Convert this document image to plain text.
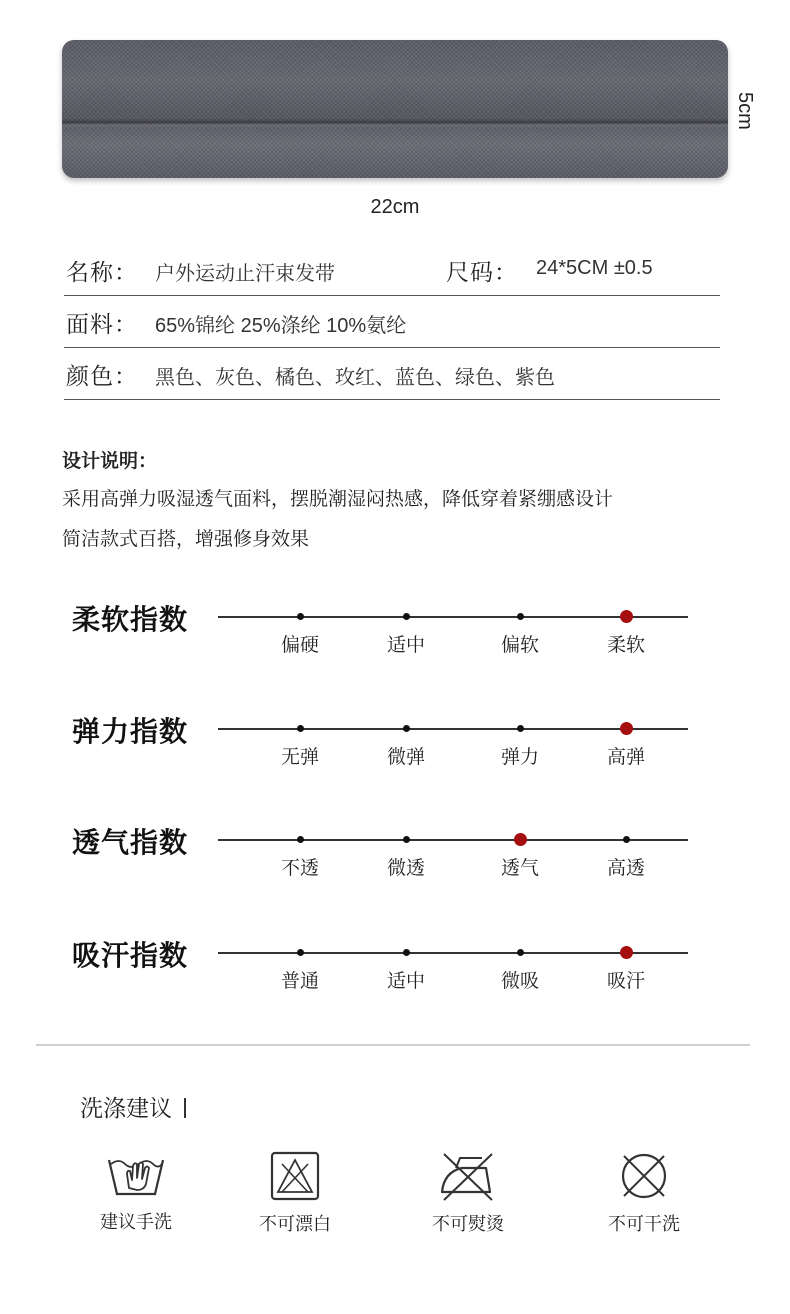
22cm
5cm
名称： 户外运动止汗束发带	尺码： 24*5CM ±0.5
面料： 65%锦纶 25%涤纶 10%氨纶
颜色： 黑色、灰色、橘色、玫红、蓝色、绿色、紫色
设计说明：
采用高弹力吸湿透气面料，摆脱潮湿闷热感，降低穿着紧绷感设计
简洁款式百搭，增强修身效果
柔软指数
偏硬	适中	偏软	柔软
弹力指数
无弹	微弹	弹力	高弹
透气指数
不透	微透	透气	高透
吸汗指数
普通	适中	微吸	吸汗
洗涤建议
建议手洗	不可漂白	不可熨烫	不可干洗
